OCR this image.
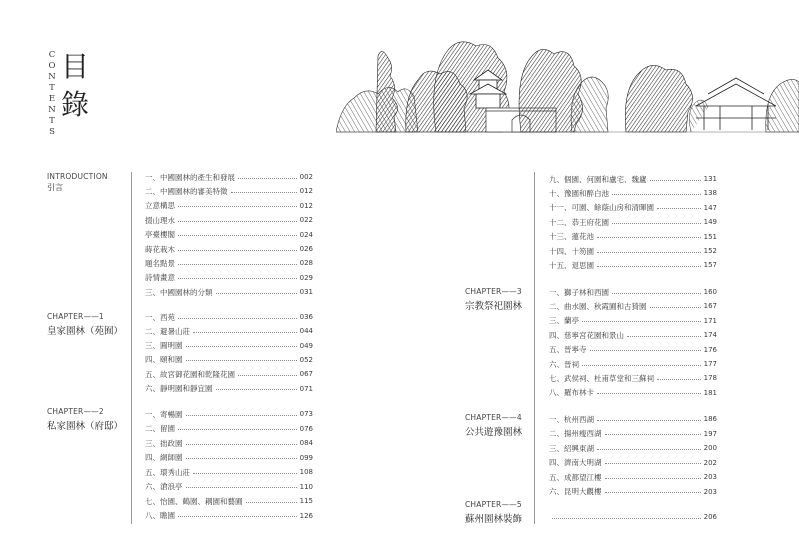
CONTENTS
目
錄
INTRODUCTION
引言
CHAPTER——1
皇家園林（苑囿）
CHAPTER——2
私家園林（府邸）
CHAPTER——3
宗教祭祀園林
CHAPTER——4
公共遊豫園林
CHAPTER——5
蘇州園林裝飾
一、中國園林的產生和發展	002
二、中國園林的審美特徵	012
立意構思	012
掇山理水	022
亭臺樓閣	024
蒔花栽木	026
題名點景	028
詩情畫意	029
三、中國園林的分類	031
一、西苑	036
二、避暑山莊	044
三、圓明園	049
四、頤和園	052
五、故宮御花園和乾隆花園	067
六、靜明園和靜宜園	071
一、寄暢園	073
二、留園	076
三、拙政園	084
四、網師園	099
五、環秀山莊	108
六、滄浪亭	110
七、怡園、鶴園、耦園和藝圃	115
八、瞻園	126
九、個園、何園和盧宅、魏廬	131
十、豫園和醉白池	138
十一、可園、餘蔭山房和清暉園	147
十二、恭王府花園	149
十三、蓮花池	151
十四、十笏園	152
十五、退思園	157
一、獅子林和西園	160
二、曲水園、秋霞圃和古猗園	167
三、蘭亭	171
四、慈寧宮花園和景山	174
五、晉寧寺	176
六、晉祠	177
七、武侯祠、杜甫草堂和三蘇祠	178
八、羅布林卡	181
一、杭州西湖	186
二、揚州瘦西湖	197
三、紹興東湖	200
四、濟南大明湖	202
五、成都望江樓	203
六、昆明大觀樓	203
206
